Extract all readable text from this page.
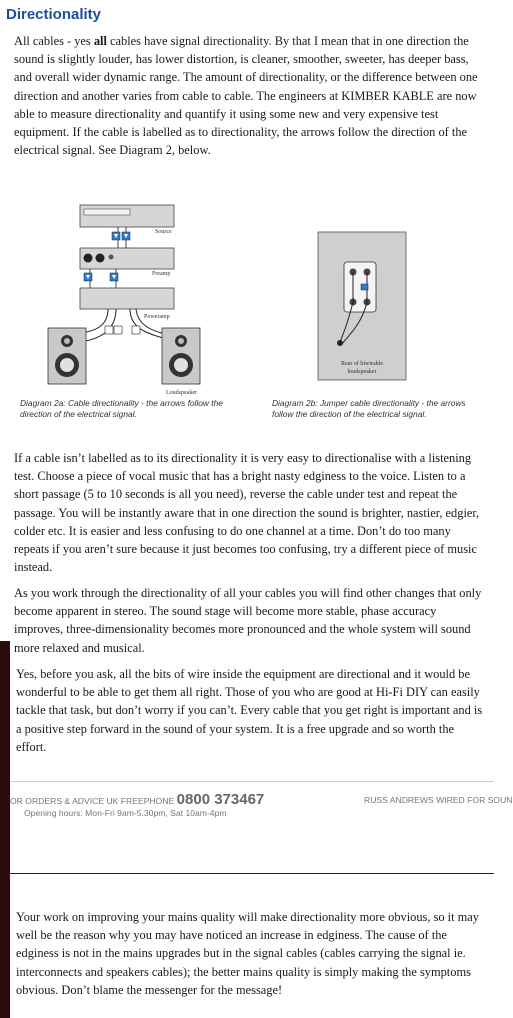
Directionality

All cables - yes all cables have signal directionality. By that I mean that in one direction the sound is slightly louder, has lower distortion, is cleaner, smoother, sweeter, has deeper bass, and overall wider dynamic range. The amount of directionality, or the difference between one direction and another varies from cable to cable. The engineers at KIMBER KABLE are now able to measure directionality and quantify it using some new and very expensive test equipment. If the cable is labelled as to directionality, the arrows follow the direction of the electrical signal. See Diagram 2, below.

Source
Preamp
Poweramp
Loudspeaker
Diagram 2a: Cable directionality - the arrows follow the direction of the electrical signal.
Rear of biwirable
loudspeaker
Diagram 2b: Jumper cable directionality - the arrows follow the direction of the electrical signal.

If a cable isn’t labelled as to its directionality it is very easy to directionalise with a listening test. Choose a piece of vocal music that has a bright nasty edginess to the voice. Listen to a short passage (5 to 10 seconds is all you need), reverse the cable under test and repeat the passage. You will be instantly aware that in one direction the sound is brighter, nastier, edgier, colder etc. It is easier and less confusing to do one channel at a time. Don’t do too many repeats if you aren’t sure because it just becomes too confusing, try a different piece of music instead.

As you work through the directionality of all your cables you will find other changes that only become apparent in stereo. The sound stage will become more stable, phase accuracy improves, three-dimensionality becomes more pronounced and the whole system will sound more relaxed and musical.

Yes, before you ask, all the bits of wire inside the equipment are directional and it would be wonderful to be able to get them all right. Those of you who are good at Hi-Fi DIY can easily tackle that task, but don’t worry if you can’t. Every cable that you get right is important and is a positive step forward in the sound of your system. It is a free upgrade and so worth the effort.

OR ORDERS & ADVICE UK FREEPHONE 0800 373467
Opening hours: Mon-Fri 9am-5.30pm, Sat 10am-4pm
RUSS ANDREWS WIRED FOR SOUN

Your work on improving your mains quality will make directionality more obvious, so it may well be the reason why you may have noticed an increase in edginess. The cause of the edginess is not in the mains upgrades but in the signal cables (cables carrying the signal ie. interconnects and speakers cables); the better mains quality is simply making the symptoms obvious. Don’t blame the messenger for the message!
